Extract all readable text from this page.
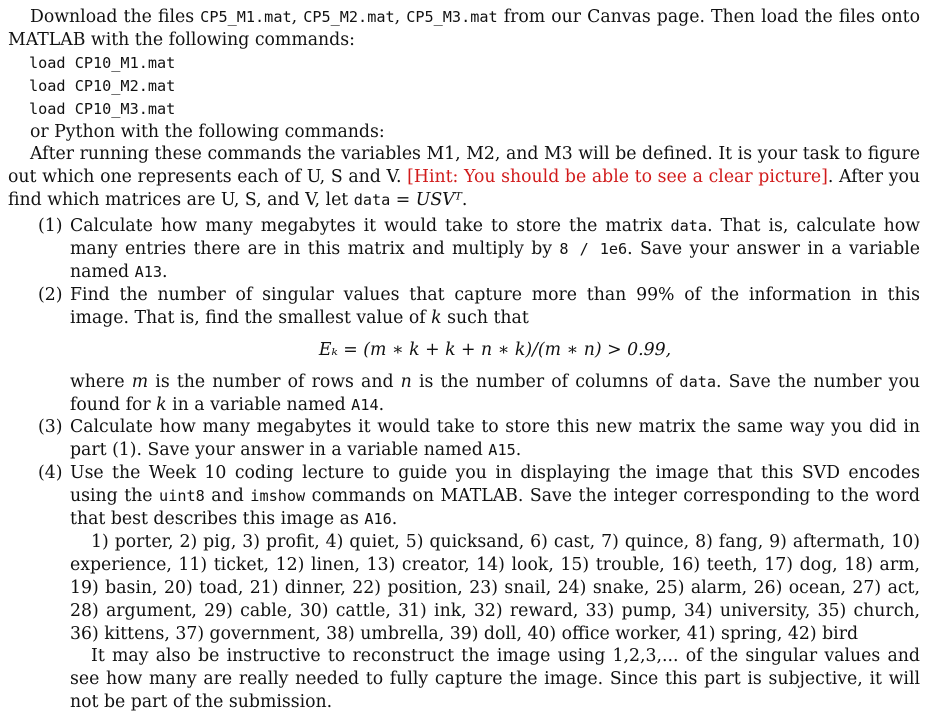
Download the files CP5_M1.mat, CP5_M2.mat, CP5_M3.mat from our Canvas page. Then load the files onto MATLAB with the following commands:

load CP10_M1.mat
load CP10_M2.mat
load CP10_M3.mat

or Python with the following commands:

After running these commands the variables M1, M2, and M3 will be defined. It is your task to figure out which one represents each of U, S and V. [Hint: You should be able to see a clear picture]. After you find which matrices are U, S, and V, let data = USVᵀ.

(1) Calculate how many megabytes it would take to store the matrix data. That is, calculate how many entries there are in this matrix and multiply by 8 / 1e6. Save your answer in a variable named A13.
(2) Find the number of singular values that capture more than 99% of the information in this image. That is, find the smallest value of k such that
Eₖ = (m ∗ k + k + n ∗ k)/(m ∗ n) > 0.99,
where m is the number of rows and n is the number of columns of data. Save the number you found for k in a variable named A14.
(3) Calculate how many megabytes it would take to store this new matrix the same way you did in part (1). Save your answer in a variable named A15.
(4) Use the Week 10 coding lecture to guide you in displaying the image that this SVD encodes using the uint8 and imshow commands on MATLAB. Save the integer corresponding to the word that best describes this image as A16.
1) porter, 2) pig, 3) profit, 4) quiet, 5) quicksand, 6) cast, 7) quince, 8) fang, 9) aftermath, 10) experience, 11) ticket, 12) linen, 13) creator, 14) look, 15) trouble, 16) teeth, 17) dog, 18) arm, 19) basin, 20) toad, 21) dinner, 22) position, 23) snail, 24) snake, 25) alarm, 26) ocean, 27) act, 28) argument, 29) cable, 30) cattle, 31) ink, 32) reward, 33) pump, 34) university, 35) church, 36) kittens, 37) government, 38) umbrella, 39) doll, 40) office worker, 41) spring, 42) bird
It may also be instructive to reconstruct the image using 1,2,3,... of the singular values and see how many are really needed to fully capture the image. Since this part is subjective, it will not be part of the submission.
